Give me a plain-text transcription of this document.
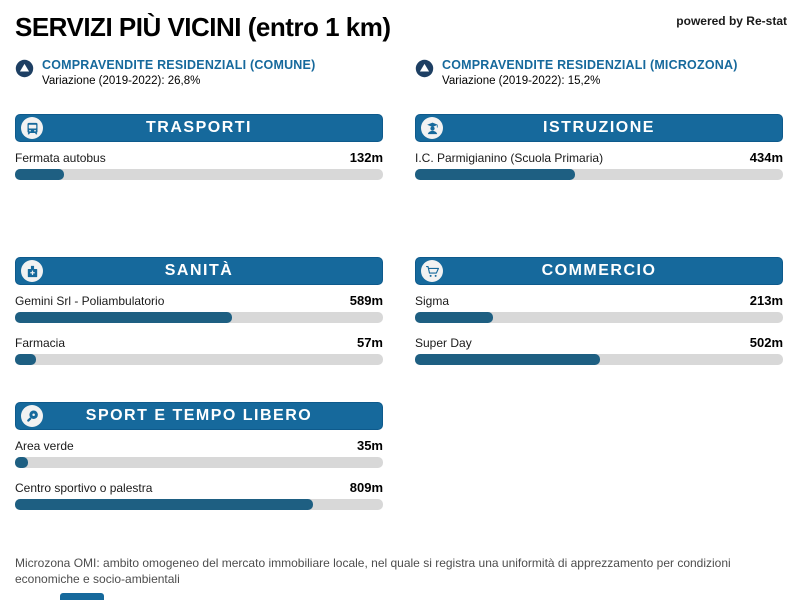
SERVIZI PIÙ VICINI (entro 1 km)	powered by Re-stat
COMPRAVENDITE RESIDENZIALI (COMUNE)
Variazione (2019-2022): 26,8%
COMPRAVENDITE RESIDENZIALI (MICROZONA)
Variazione (2019-2022): 15,2%
TRASPORTI
Fermata autobus	132m
ISTRUZIONE
I.C. Parmigianino (Scuola Primaria)	434m
SANITÀ
Gemini Srl - Poliambulatorio	589m
Farmacia	57m
COMMERCIO
Sigma	213m
Super Day	502m
SPORT E TEMPO LIBERO
Area verde	35m
Centro sportivo o palestra	809m
Microzona OMI: ambito omogeneo del mercato immobiliare locale, nel quale si registra una uniformità di apprezzamento per condizioni economiche e socio-ambientali
